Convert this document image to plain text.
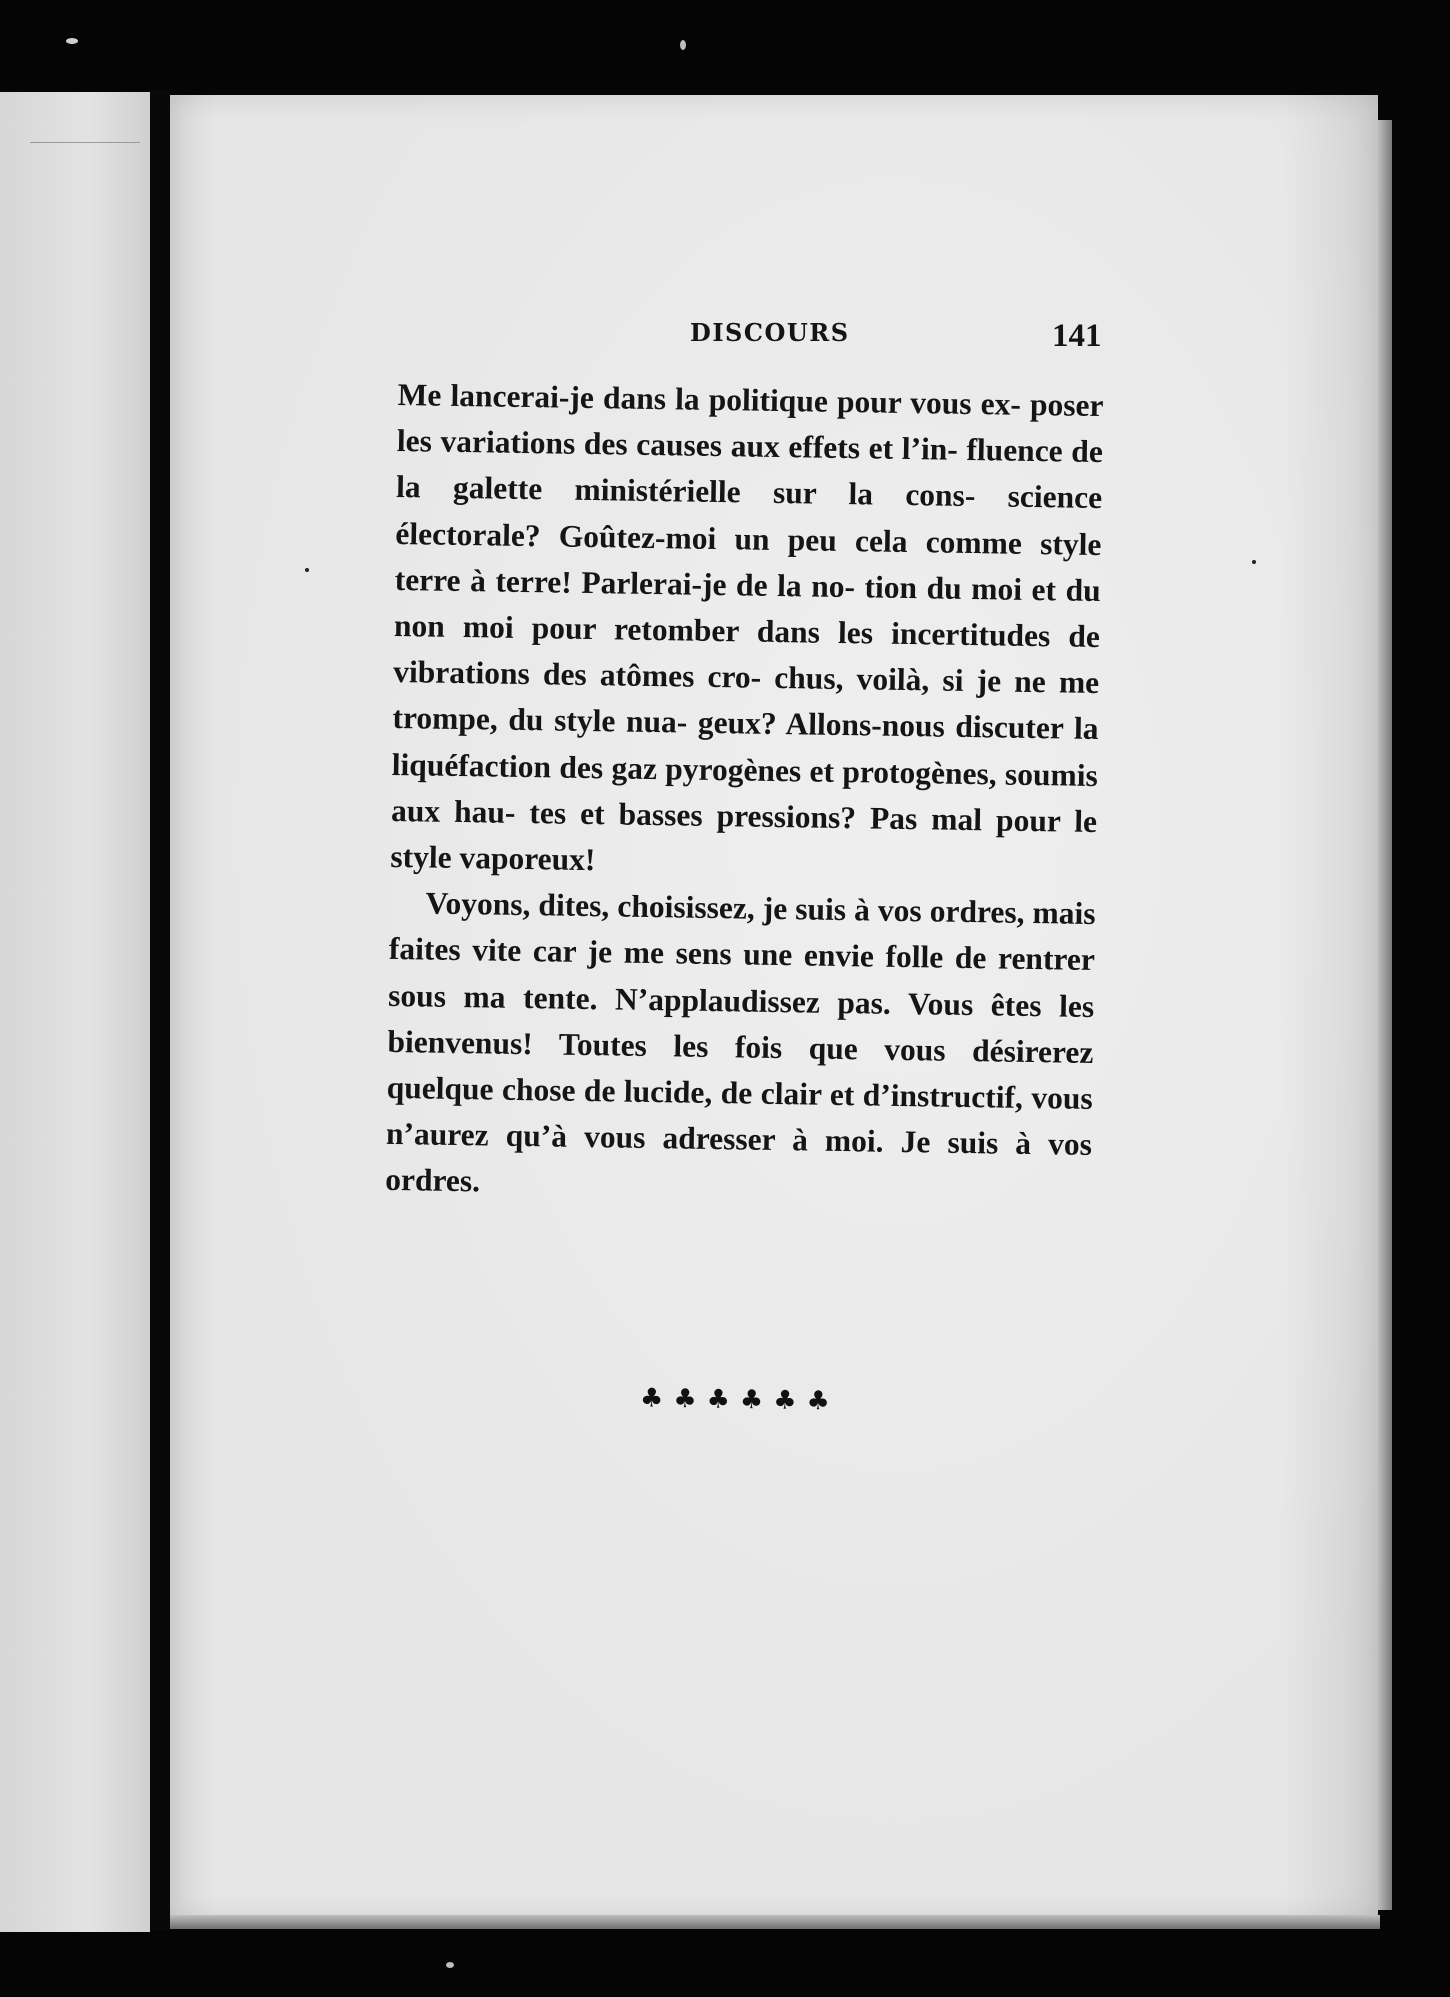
DISCOURS	141

Me lancerai-je dans la politique pour vous ex- poser les variations des causes aux effets et l’in- fluence de la galette ministérielle sur la cons- science électorale? Goûtez-moi un peu cela comme style terre à terre! Parlerai-je de la no- tion du moi et du non moi pour retomber dans les incertitudes de vibrations des atômes cro- chus, voilà, si je ne me trompe, du style nua- geux? Allons-nous discuter la liquéfaction des gaz pyrogènes et protogènes, soumis aux hau- tes et basses pressions? Pas mal pour le style vaporeux!

Voyons, dites, choisissez, je suis à vos ordres, mais faites vite car je me sens une envie folle de rentrer sous ma tente. N’applaudissez pas. Vous êtes les bienvenus! Toutes les fois que vous désirerez quelque chose de lucide, de clair et d’instructif, vous n’aurez qu’à vous adresser à moi. Je suis à vos ordres.

♣♣♣♣♣♣
